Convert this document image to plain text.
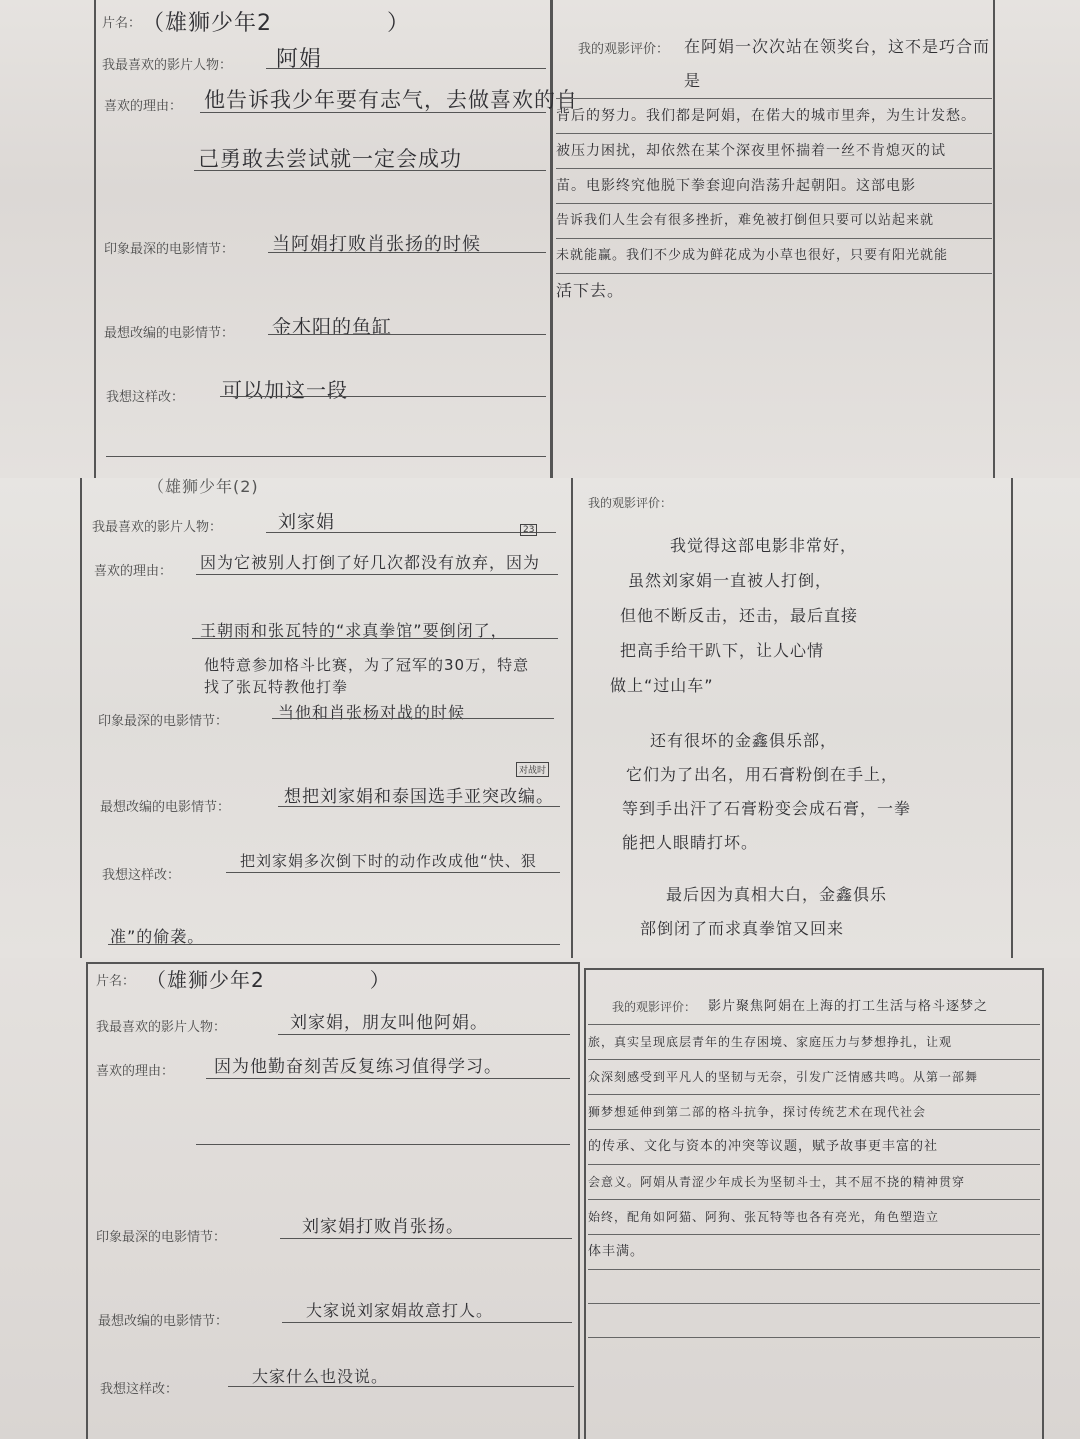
片名： （雄狮少年2　　　　　）
我最喜欢的影片人物： 阿娟
喜欢的理由： 他告诉我少年要有志气，去做喜欢的自
己勇敢去尝试就一定会成功
印象最深的电影情节： 当阿娟打败肖张扬的时候
最想改编的电影情节： 金木阳的鱼缸
我想这样改： 可以加这一段
我的观影评价： 在阿娟一次次站在领奖台，这不是巧合而是
背后的努力。我们都是阿娟，在偌大的城市里奔，为生计发愁。
被压力困扰，却依然在某个深夜里怀揣着一丝不肯熄灭的试
苗。电影终究他脱下拳套迎向浩荡升起朝阳。这部电影
告诉我们人生会有很多挫折，难免被打倒但只要可以站起来就
未就能赢。我们不少成为鲜花成为小草也很好，只要有阳光就能
活下去。
（雄狮少年(2)
我最喜欢的影片人物：	刘家娟
喜欢的理由： 因为它被别人打倒了好几次都没有放弃，因为
23
王朝雨和张瓦特的“求真拳馆”要倒闭了，
他特意参加格斗比赛，为了冠军的30万，特意
找了张瓦特教他打拳
印象最深的电影情节：	当他和肖张杨对战的时候
最想改编的电影情节：
对战时
想把刘家娟和泰国选手亚突改编。
我想这样改：
把刘家娟多次倒下时的动作改成他“快、狠
准”的偷袭。
我的观影评价：
我觉得这部电影非常好，
虽然刘家娟一直被人打倒，
但他不断反击，还击，最后直接
把高手给干趴下，让人心情
做上“过山车”
还有很坏的金鑫俱乐部，
它们为了出名，用石膏粉倒在手上，
等到手出汗了石膏粉变会成石膏，一拳
能把人眼睛打坏。
最后因为真相大白，金鑫俱乐
部倒闭了而求真拳馆又回来
片名： （雄狮少年2　　　　　）
我最喜欢的影片人物：	刘家娟，朋友叫他阿娟。
喜欢的理由： 因为他勤奋刻苦反复练习值得学习。
印象最深的电影情节：
刘家娟打败肖张扬。
最想改编的电影情节：
大家说刘家娟故意打人。
我想这样改：
大家什么也没说。
我的观影评价： 影片聚焦阿娟在上海的打工生活与格斗逐梦之
旅，真实呈现底层青年的生存困境、家庭压力与梦想挣扎，让观
众深刻感受到平凡人的坚韧与无奈，引发广泛情感共鸣。从第一部舞
狮梦想延伸到第二部的格斗抗争，探讨传统艺术在现代社会
的传承、文化与资本的冲突等议题，赋予故事更丰富的社
会意义。阿娟从青涩少年成长为坚韧斗士，其不屈不挠的精神贯穿
始终，配角如阿猫、阿狗、张瓦特等也各有亮光，角色塑造立
体丰满。
